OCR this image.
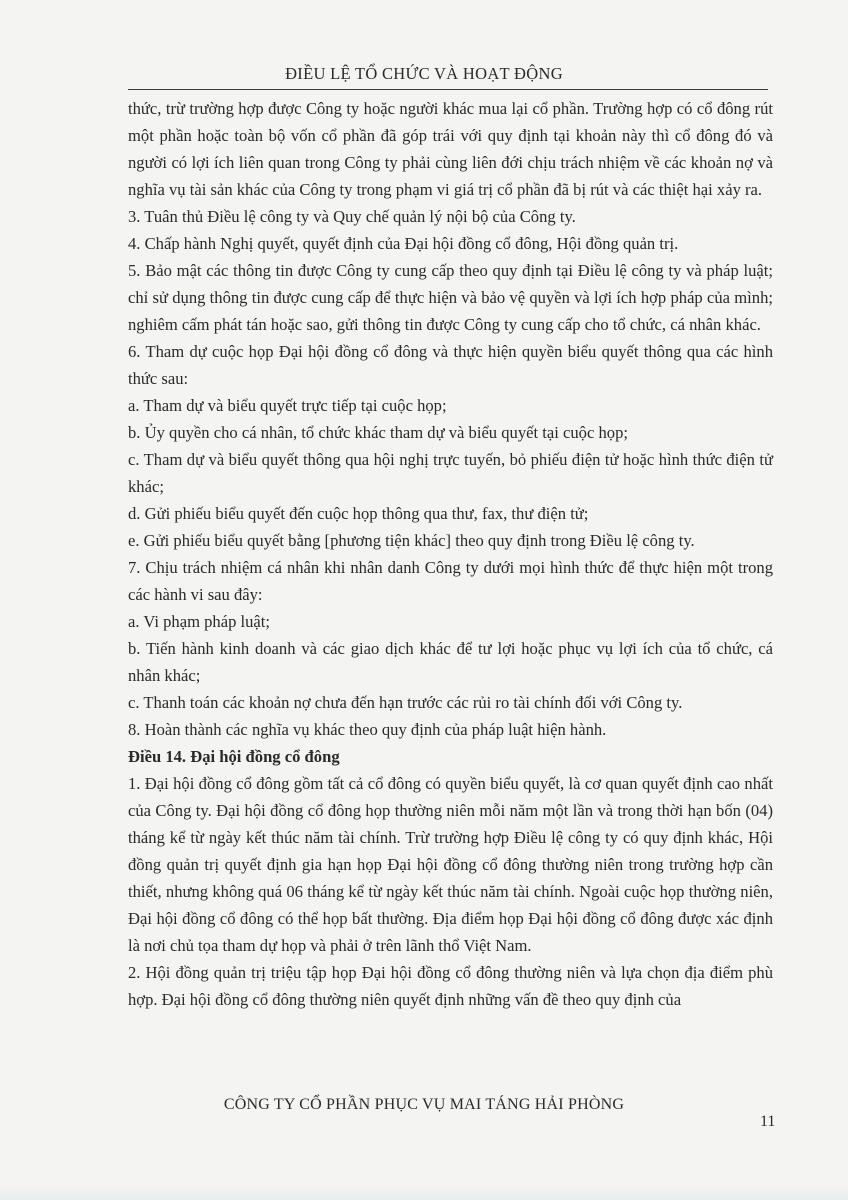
ĐIỀU LỆ TỔ CHỨC VÀ HOẠT ĐỘNG

thức, trừ trường hợp được Công ty hoặc người khác mua lại cổ phần. Trường hợp có cổ đông rút một phần hoặc toàn bộ vốn cổ phần đã góp trái với quy định tại khoản này thì cổ đông đó và người có lợi ích liên quan trong Công ty phải cùng liên đới chịu trách nhiệm về các khoản nợ và nghĩa vụ tài sản khác của Công ty trong phạm vi giá trị cổ phần đã bị rút và các thiệt hại xảy ra.

3. Tuân thủ Điều lệ công ty và Quy chế quản lý nội bộ của Công ty.

4. Chấp hành Nghị quyết, quyết định của Đại hội đồng cổ đông, Hội đồng quản trị.

5. Bảo mật các thông tin được Công ty cung cấp theo quy định tại Điều lệ công ty và pháp luật; chỉ sử dụng thông tin được cung cấp để thực hiện và bảo vệ quyền và lợi ích hợp pháp của mình; nghiêm cấm phát tán hoặc sao, gửi thông tin được Công ty cung cấp cho tổ chức, cá nhân khác.

6. Tham dự cuộc họp Đại hội đồng cổ đông và thực hiện quyền biểu quyết thông qua các hình thức sau:

a. Tham dự và biểu quyết trực tiếp tại cuộc họp;

b. Ủy quyền cho cá nhân, tổ chức khác tham dự và biểu quyết tại cuộc họp;

c. Tham dự và biểu quyết thông qua hội nghị trực tuyến, bỏ phiếu điện tử hoặc hình thức điện tử khác;

d. Gửi phiếu biểu quyết đến cuộc họp thông qua thư, fax, thư điện tử;

e. Gửi phiếu biểu quyết bằng [phương tiện khác] theo quy định trong Điều lệ công ty.

7. Chịu trách nhiệm cá nhân khi nhân danh Công ty dưới mọi hình thức để thực hiện một trong các hành vi sau đây:

a. Vi phạm pháp luật;

b. Tiến hành kinh doanh và các giao dịch khác để tư lợi hoặc phục vụ lợi ích của tổ chức, cá nhân khác;

c. Thanh toán các khoản nợ chưa đến hạn trước các rủi ro tài chính đối với Công ty.

8. Hoàn thành các nghĩa vụ khác theo quy định của pháp luật hiện hành.

Điều 14. Đại hội đồng cổ đông

1. Đại hội đồng cổ đông gồm tất cả cổ đông có quyền biểu quyết, là cơ quan quyết định cao nhất của Công ty. Đại hội đồng cổ đông họp thường niên mỗi năm một lần và trong thời hạn bốn (04) tháng kể từ ngày kết thúc năm tài chính. Trừ trường hợp Điều lệ công ty có quy định khác, Hội đồng quản trị quyết định gia hạn họp Đại hội đồng cổ đông thường niên trong trường hợp cần thiết, nhưng không quá 06 tháng kể từ ngày kết thúc năm tài chính. Ngoài cuộc họp thường niên, Đại hội đồng cổ đông có thể họp bất thường. Địa điểm họp Đại hội đồng cổ đông được xác định là nơi chủ tọa tham dự họp và phải ở trên lãnh thổ Việt Nam.

2. Hội đồng quản trị triệu tập họp Đại hội đồng cổ đông thường niên và lựa chọn địa điểm phù hợp. Đại hội đồng cổ đông thường niên quyết định những vấn đề theo quy định của

CÔNG TY CỔ PHẦN PHỤC VỤ MAI TÁNG HẢI PHÒNG
11
